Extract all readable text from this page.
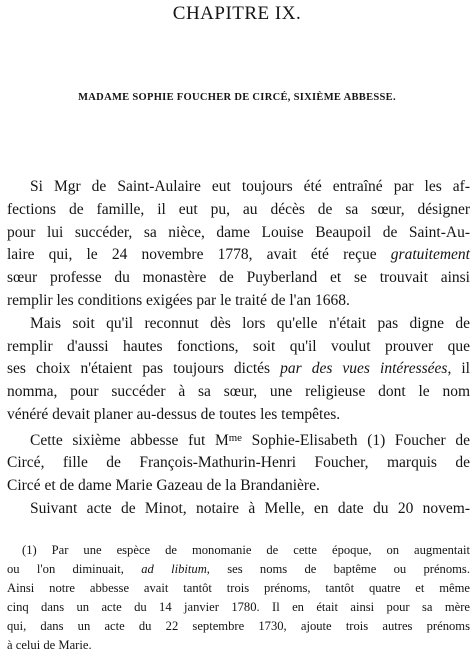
CHAPITRE IX.
MADAME SOPHIE FOUCHER DE CIRCÉ, SIXIÈME ABBESSE.

Si Mgr de Saint-Aulaire eut toujours été entraîné par les af-
fections de famille, il eut pu, au décès de sa sœur, désigner
pour lui succéder, sa nièce, dame Louise Beaupoil de Saint-Au-
laire qui, le 24 novembre 1778, avait été reçue gratuitement
sœur professe du monastère de Puyberland et se trouvait ainsi
remplir les conditions exigées par le traité de l'an 1668.

Mais soit qu'il reconnut dès lors qu'elle n'était pas digne de
remplir d'aussi hautes fonctions, soit qu'il voulut prouver que
ses choix n'étaient pas toujours dictés par des vues intéressées, il
nomma, pour succéder à sa sœur, une religieuse dont le nom
vénéré devait planer au-dessus de toutes les tempêtes.

Cette sixième abbesse fut $M^{me}$ Sophie-Elisabeth (1) Foucher de
Circé, fille de François-Mathurin-Henri Foucher, marquis de
Circé et de dame Marie Gazeau de la Brandanière.

Suivant acte de Minot, notaire à Melle, en date du 20 novem-

(1) Par une espèce de monomanie de cette époque, on augmentait
ou l'on diminuait, ad libitum, ses noms de baptême ou prénoms.
Ainsi notre abbesse avait tantôt trois prénoms, tantôt quatre et même
cinq dans un acte du 14 janvier 1780. Il en était ainsi pour sa mère
qui, dans un acte du 22 septembre 1730, ajoute trois autres prénoms
à celui de Marie.
